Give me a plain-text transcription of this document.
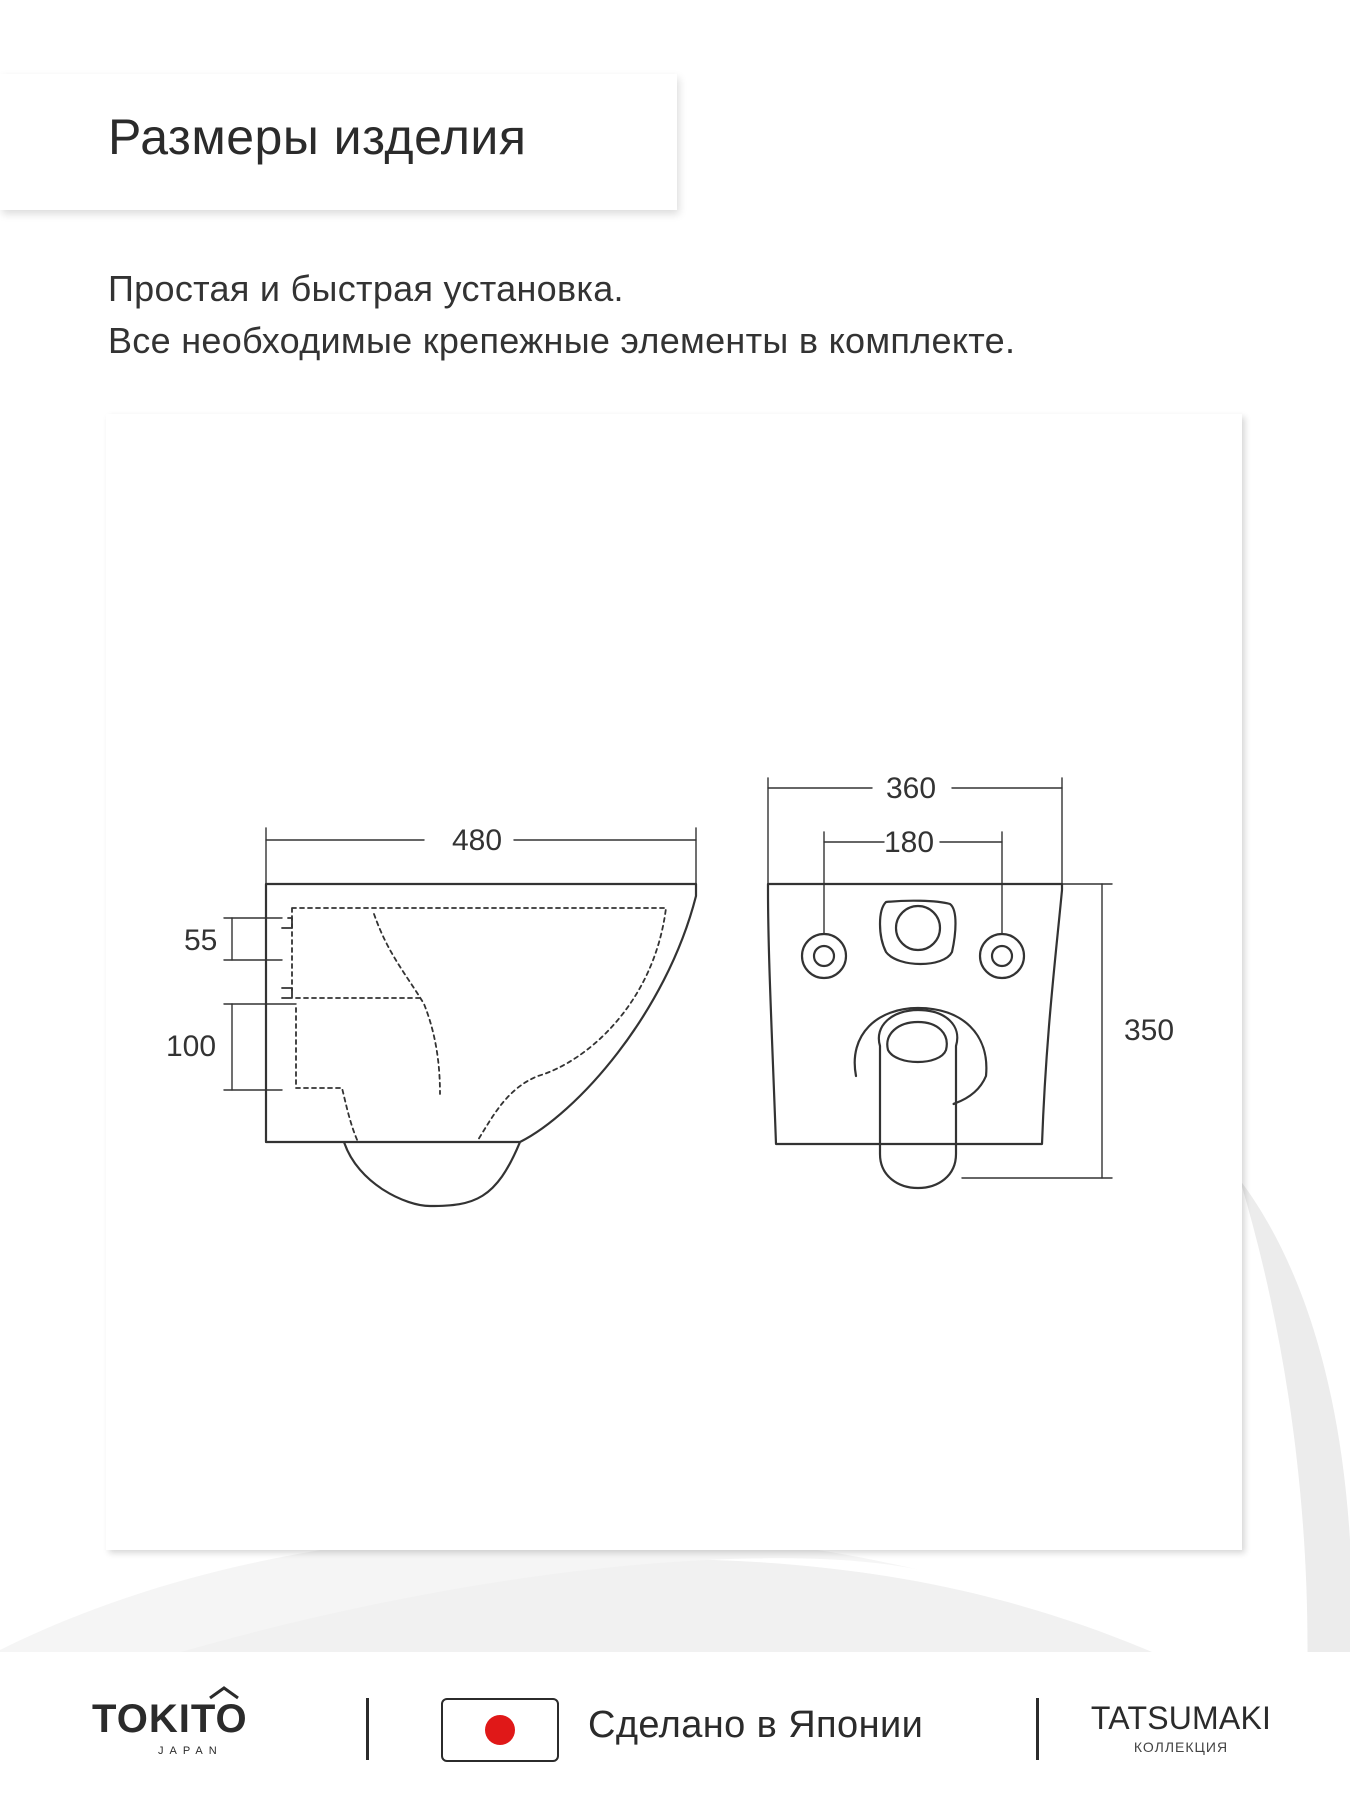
Размеры изделия
Простая и быстрая установка.
Все необходимые крепежные элементы в комплекте.
480
55
100
360
180
350
TOKITO
JAPAN
Сделано в Японии	TATSUMAKI
КОЛЛЕКЦИЯ
